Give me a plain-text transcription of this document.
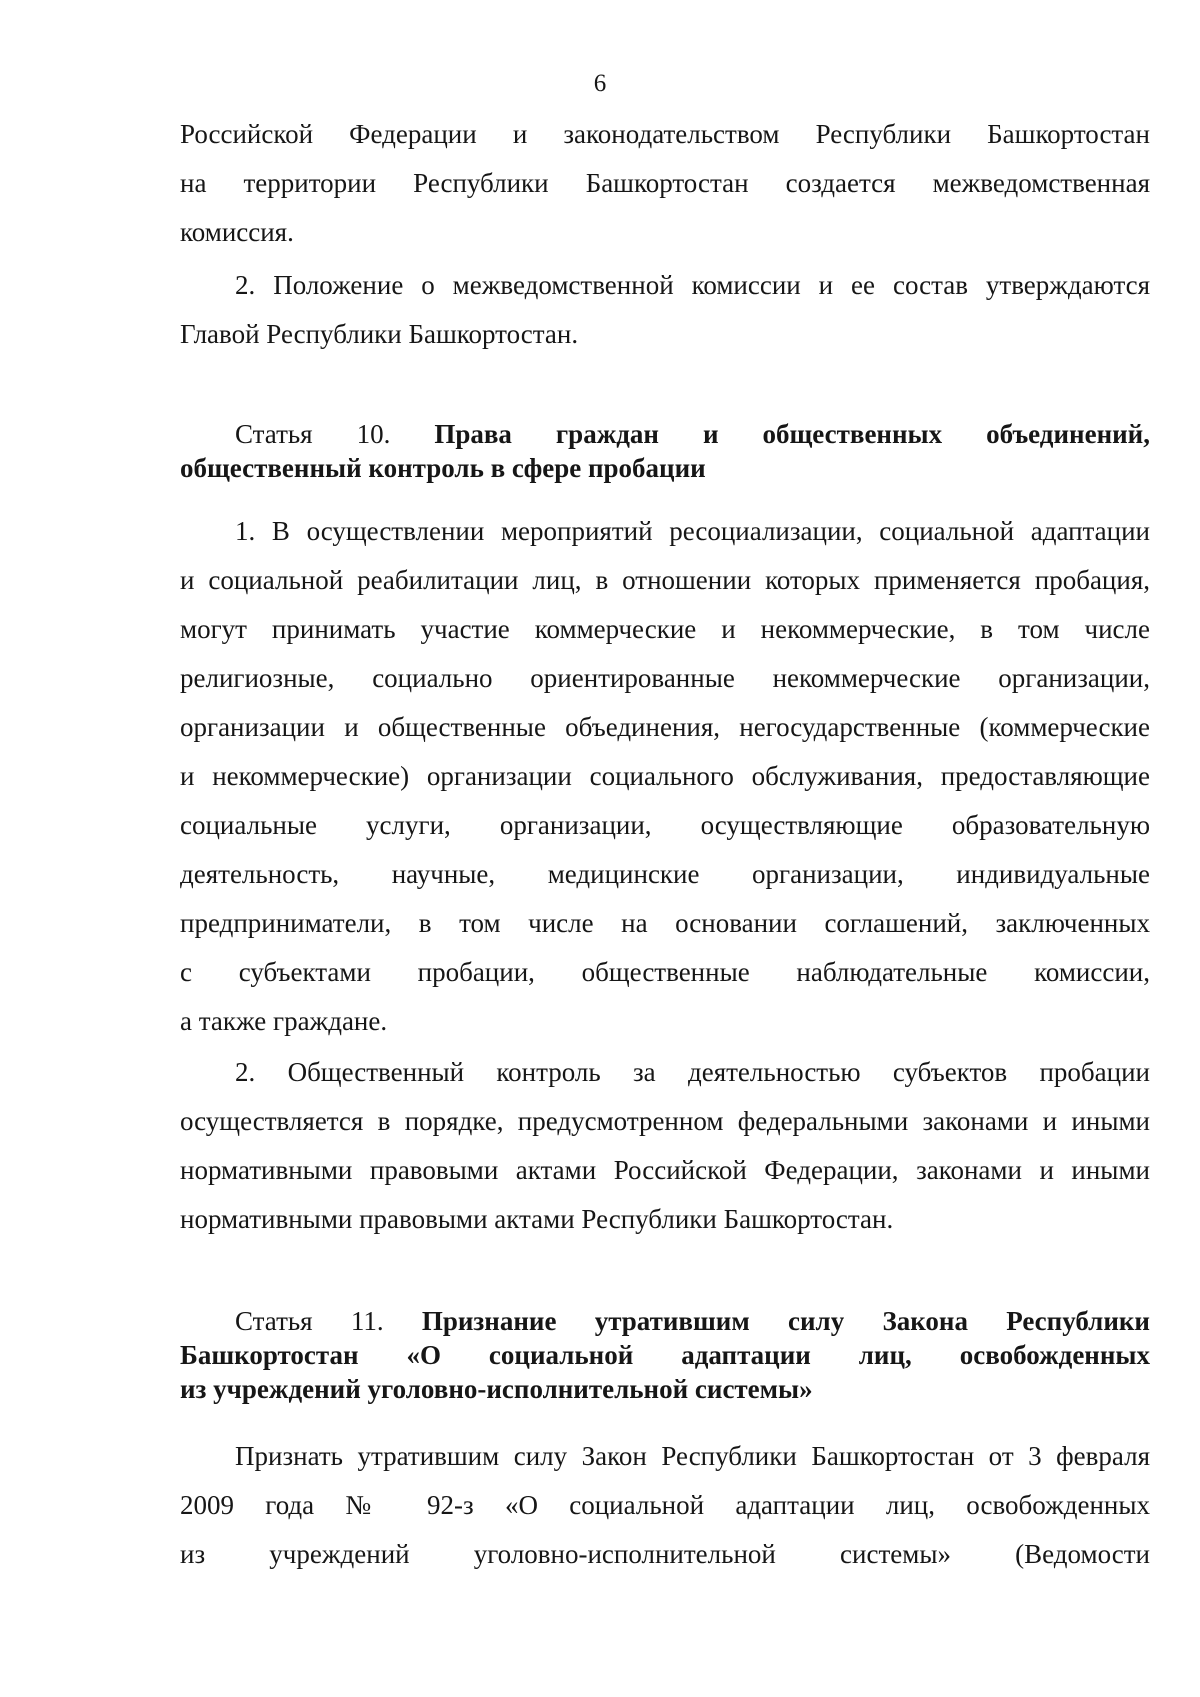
6

Российской Федерации и законодательством Республики Башкортостан
на территории Республики Башкортостан создается межведомственная
комиссия.

2. Положение о межведомственной комиссии и ее состав утверждаются
Главой Республики Башкортостан.

Статья 10. Права граждан и общественных объединений,
общественный контроль в сфере пробации

1. В осуществлении мероприятий ресоциализации, социальной адаптации
и социальной реабилитации лиц, в отношении которых применяется пробация,
могут принимать участие коммерческие и некоммерческие, в том числе
религиозные, социально ориентированные некоммерческие организации,
организации и общественные объединения, негосударственные (коммерческие
и некоммерческие) организации социального обслуживания, предоставляющие
социальные услуги, организации, осуществляющие образовательную
деятельность, научные, медицинские организации, индивидуальные
предприниматели, в том числе на основании соглашений, заключенных
с субъектами пробации, общественные наблюдательные комиссии,
а также граждане.

2. Общественный контроль за деятельностью субъектов пробации
осуществляется в порядке, предусмотренном федеральными законами и иными
нормативными правовыми актами Российской Федерации, законами и иными
нормативными правовыми актами Республики Башкортостан.

Статья 11. Признание утратившим силу Закона Республики
Башкортостан «О социальной адаптации лиц, освобожденных
из учреждений уголовно-исполнительной системы»

Признать утратившим силу Закон Республики Башкортостан от 3 февраля
2009 года № 92-з «О социальной адаптации лиц, освобожденных
из учреждений уголовно-исполнительной системы» (Ведомости
